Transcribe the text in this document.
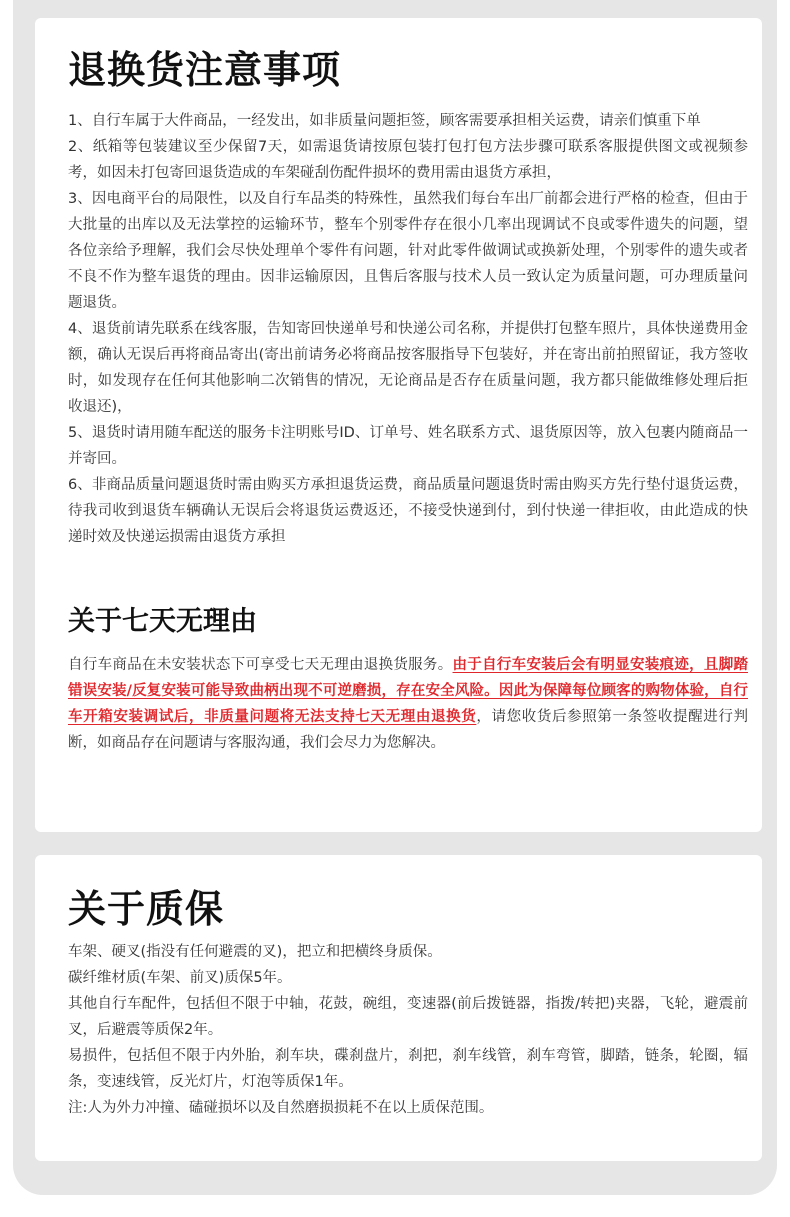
退换货注意事项

1、自行车属于大件商品，一经发出，如非质量问题拒签，顾客需要承担相关运费，请亲们慎重下单

2、纸箱等包装建议至少保留7天，如需退货请按原包装打包打包方法步骤可联系客服提供图文或视频参考，如因未打包寄回退货造成的车架碰刮伤配件损坏的费用需由退货方承担，

3、因电商平台的局限性，以及自行车品类的特殊性，虽然我们每台车出厂前都会进行严格的检查，但由于大批量的出库以及无法掌控的运输环节，整车个别零件存在很小几率出现调试不良或零件遗失的问题，望各位亲给予理解，我们会尽快处理单个零件有问题，针对此零件做调试或换新处理，个别零件的遗失或者不良不作为整车退货的理由。因非运输原因，且售后客服与技术人员一致认定为质量问题，可办理质量问题退货。

4、退货前请先联系在线客服，告知寄回快递单号和快递公司名称，并提供打包整车照片，具体快递费用金额，确认无误后再将商品寄出(寄出前请务必将商品按客服指导下包装好，并在寄出前拍照留证，我方签收时，如发现存在任何其他影响二次销售的情况，无论商品是否存在质量问题，我方都只能做维修处理后拒收退还)，

5、退货时请用随车配送的服务卡注明账号ID、订单号、姓名联系方式、退货原因等，放入包裹内随商品一并寄回。

6、非商品质量问题退货时需由购买方承担退货运费，商品质量问题退货时需由购买方先行垫付退货运费，待我司收到退货车辆确认无误后会将退货运费返还，不接受快递到付，到付快递一律拒收，由此造成的快递时效及快递运损需由退货方承担

关于七天无理由

自行车商品在未安装状态下可享受七天无理由退换货服务。由于自行车安装后会有明显安装痕迹，且脚踏错误安装/反复安装可能导致曲柄出现不可逆磨损，存在安全风险。因此为保障每位顾客的购物体验，自行车开箱安装调试后，非质量问题将无法支持七天无理由退换货，请您收货后参照第一条签收提醒进行判断，如商品存在问题请与客服沟通，我们会尽力为您解决。

关于质保

车架、硬叉(指没有任何避震的叉)，把立和把横终身质保。

碳纤维材质(车架、前叉)质保5年。

其他自行车配件，包括但不限于中轴，花鼓，碗组，变速器(前后拨链器，指拨/转把)夹器，飞轮，避震前叉，后避震等质保2年。

易损件，包括但不限于内外胎，刹车块，碟刹盘片，刹把，刹车线管，刹车弯管，脚踏，链条，轮圈，辐条，变速线管，反光灯片，灯泡等质保1年。

注:人为外力冲撞、磕碰损坏以及自然磨损损耗不在以上质保范围。
